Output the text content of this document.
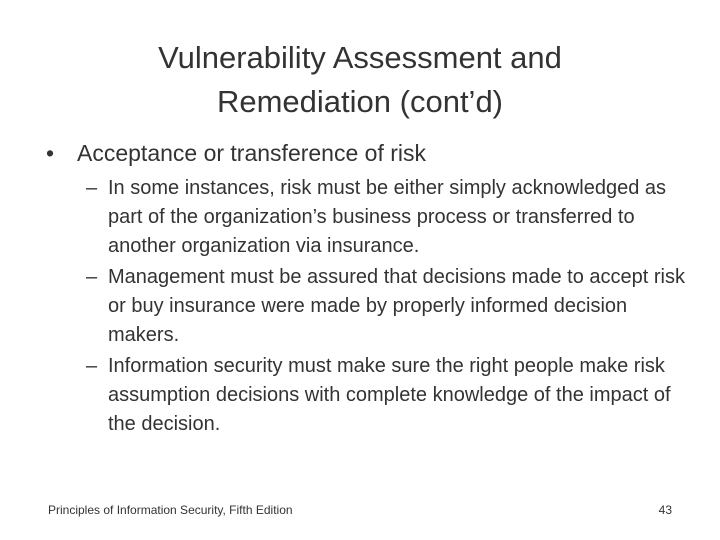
Vulnerability Assessment and
Remediation (cont’d)
• Acceptance or transference of risk
– In some instances, risk must be either simply acknowledged as part of the organization’s business process or transferred to another organization via insurance.
– Management must be assured that decisions made to accept risk or buy insurance were made by properly informed decision makers.
– Information security must make sure the right people make risk assumption decisions with complete knowledge of the impact of the decision.
Principles of Information Security, Fifth Edition	43
